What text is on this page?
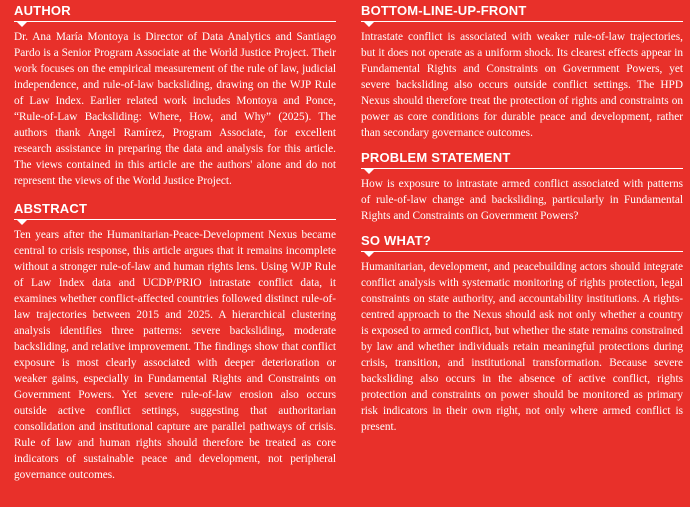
AUTHOR

Dr. Ana María Montoya is Director of Data Analytics and Santiago Pardo is a Senior Program Associate at the World Justice Project. Their work focuses on the empirical measurement of the rule of law, judicial independence, and rule-of-law backsliding, drawing on the WJP Rule of Law Index. Earlier related work includes Montoya and Ponce, “Rule-of-Law Backsliding: Where, How, and Why” (2025). The authors thank Angel Ramírez, Program Associate, for excellent research assistance in preparing the data and analysis for this article. The views contained in this article are the authors' alone and do not represent the views of the World Justice Project.

ABSTRACT

Ten years after the Humanitarian-Peace-Development Nexus became central to crisis response, this article argues that it remains incomplete without a stronger rule-of-law and human rights lens. Using WJP Rule of Law Index data and UCDP/PRIO intrastate conflict data, it examines whether conflict-affected countries followed distinct rule-of-law trajectories between 2015 and 2025. A hierarchical clustering analysis identifies three patterns: severe backsliding, moderate backsliding, and relative improvement. The findings show that conflict exposure is most clearly associated with deeper deterioration or weaker gains, especially in Fundamental Rights and Constraints on Government Powers. Yet severe rule-of-law erosion also occurs outside active conflict settings, suggesting that authoritarian consolidation and institutional capture are parallel pathways of crisis. Rule of law and human rights should therefore be treated as core indicators of sustainable peace and development, not peripheral governance outcomes.

BOTTOM-LINE-UP-FRONT

Intrastate conflict is associated with weaker rule-of-law trajectories, but it does not operate as a uniform shock. Its clearest effects appear in Fundamental Rights and Constraints on Government Powers, yet severe backsliding also occurs outside conflict settings. The HPD Nexus should therefore treat the protection of rights and constraints on power as core conditions for durable peace and development, rather than secondary governance outcomes.

PROBLEM STATEMENT

How is exposure to intrastate armed conflict associated with patterns of rule-of-law change and backsliding, particularly in Fundamental Rights and Constraints on Government Powers?

SO WHAT?

Humanitarian, development, and peacebuilding actors should integrate conflict analysis with systematic monitoring of rights protection, legal constraints on state authority, and accountability institutions. A rights-centred approach to the Nexus should ask not only whether a country is exposed to armed conflict, but whether the state remains constrained by law and whether individuals retain meaningful protections during crisis, transition, and institutional transformation. Because severe backsliding also occurs in the absence of active conflict, rights protection and constraints on power should be monitored as primary risk indicators in their own right, not only where armed conflict is present.
